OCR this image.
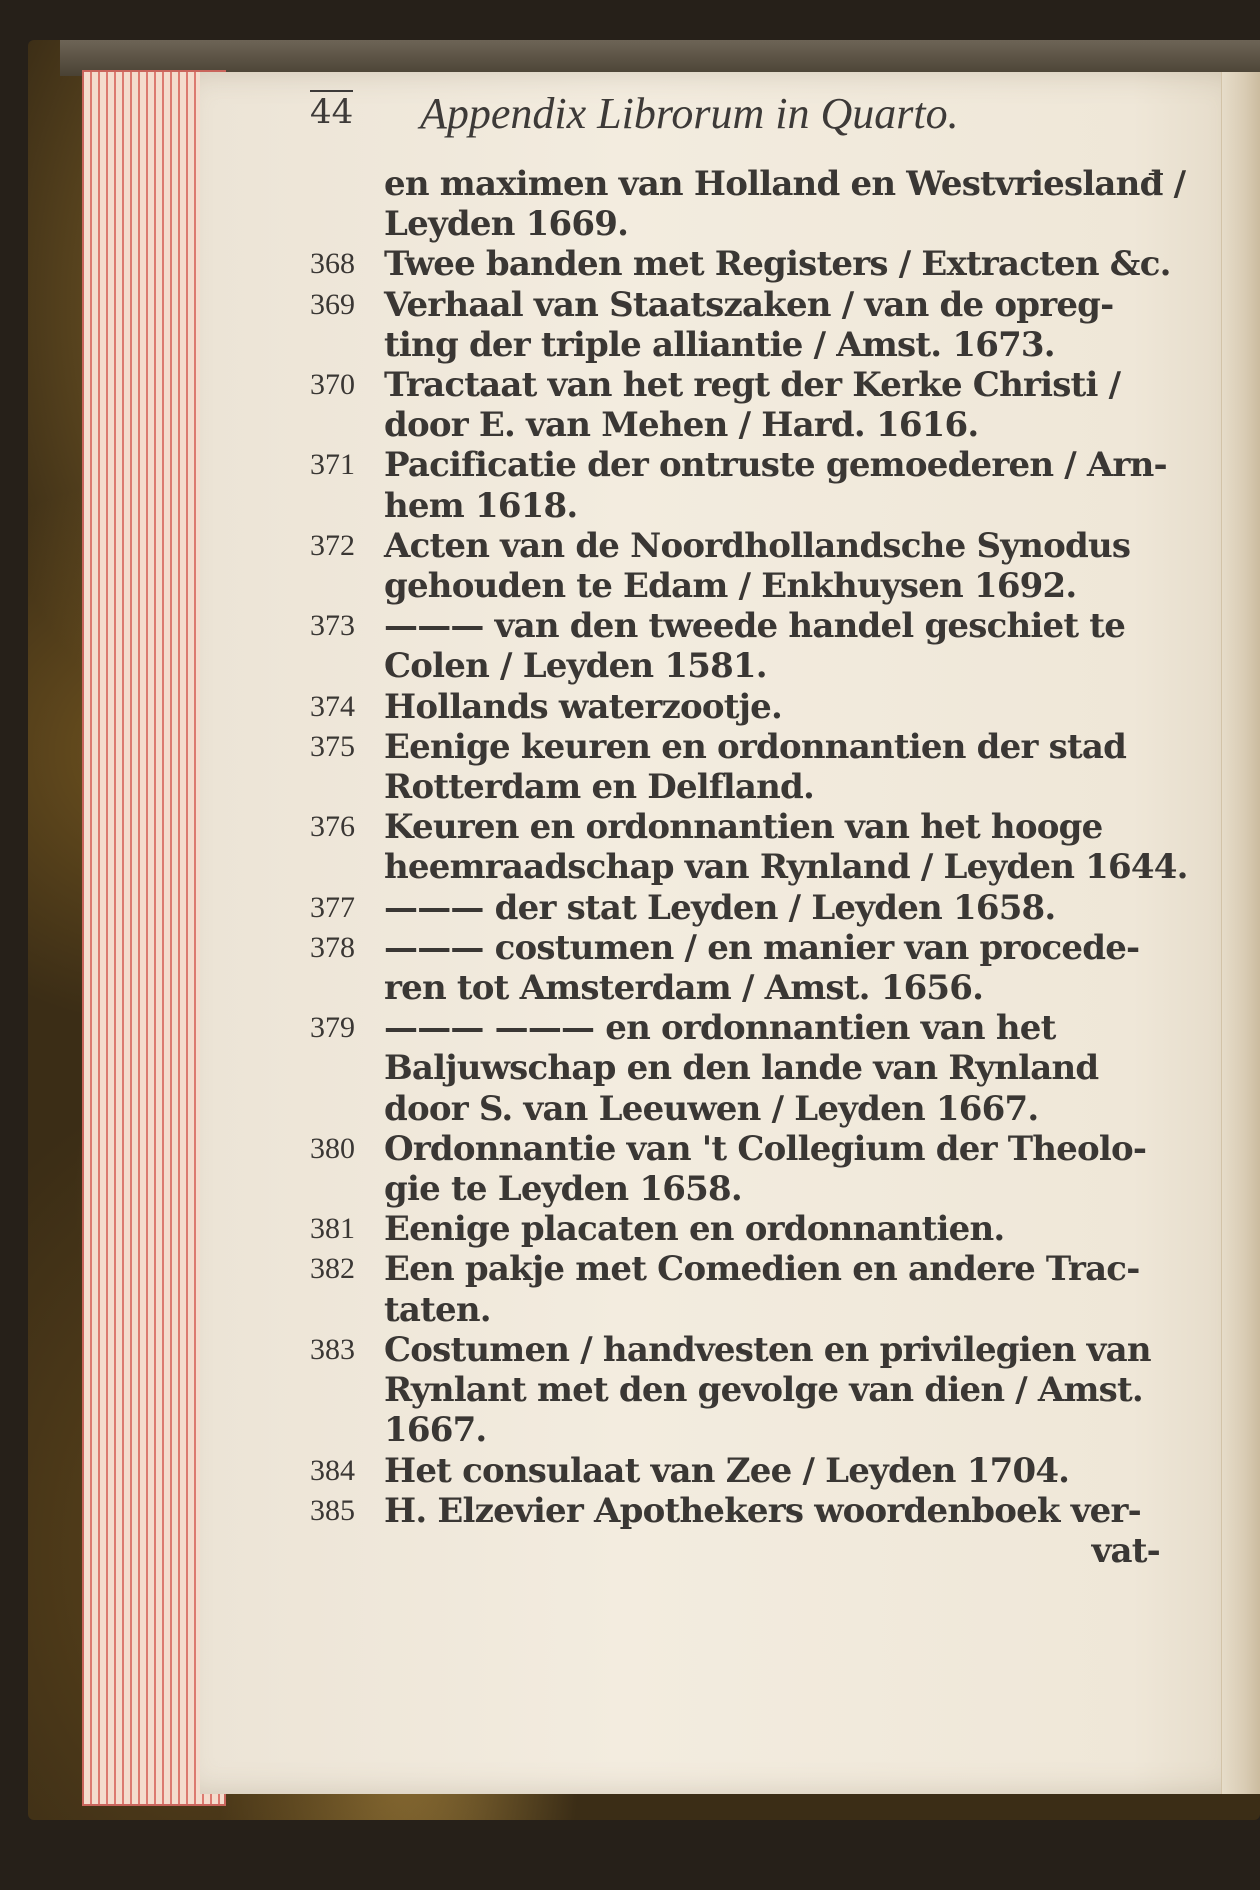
44 Appendix Librorum in Quarto.
en maximen van Holland en Westvrieslanđ /
Leyden 1669.
368 Twee banden met Registers / Extracten &c.
369 Verhaal van Staatszaken / van de opreg-
ting der triple alliantie / Amst. 1673.
370 Tractaat van het regt der Kerke Christi /
door E. van Mehen / Hard. 1616.
371 Pacificatie der ontruste gemoederen / Arn-
hem 1618.
372 Acten van de Noordhollandsche Synodus
gehouden te Edam / Enkhuysen 1692.
373 ——— van den tweede handel geschiet te
Colen / Leyden 1581.
374 Hollands waterzootje.
375 Eenige keuren en ordonnantien der stad
Rotterdam en Delfland.
376 Keuren en ordonnantien van het hooge
heemraadschap van Rynland / Leyden 1644.
377 ——— der stat Leyden / Leyden 1658.
378 ——— costumen / en manier van procede-
ren tot Amsterdam / Amst. 1656.
379 ——— ——— en ordonnantien van het
Baljuwschap en den lande van Rynland
door S. van Leeuwen / Leyden 1667.
380 Ordonnantie van 't Collegium der Theolo-
gie te Leyden 1658.
381 Eenige placaten en ordonnantien.
382 Een pakje met Comedien en andere Trac-
taten.
383 Costumen / handvesten en privilegien van
Rynlant met den gevolge van dien / Amst.
1667.
384 Het consulaat van Zee / Leyden 1704.
385 H. Elzevier Apothekers woordenboek ver-
vat-
